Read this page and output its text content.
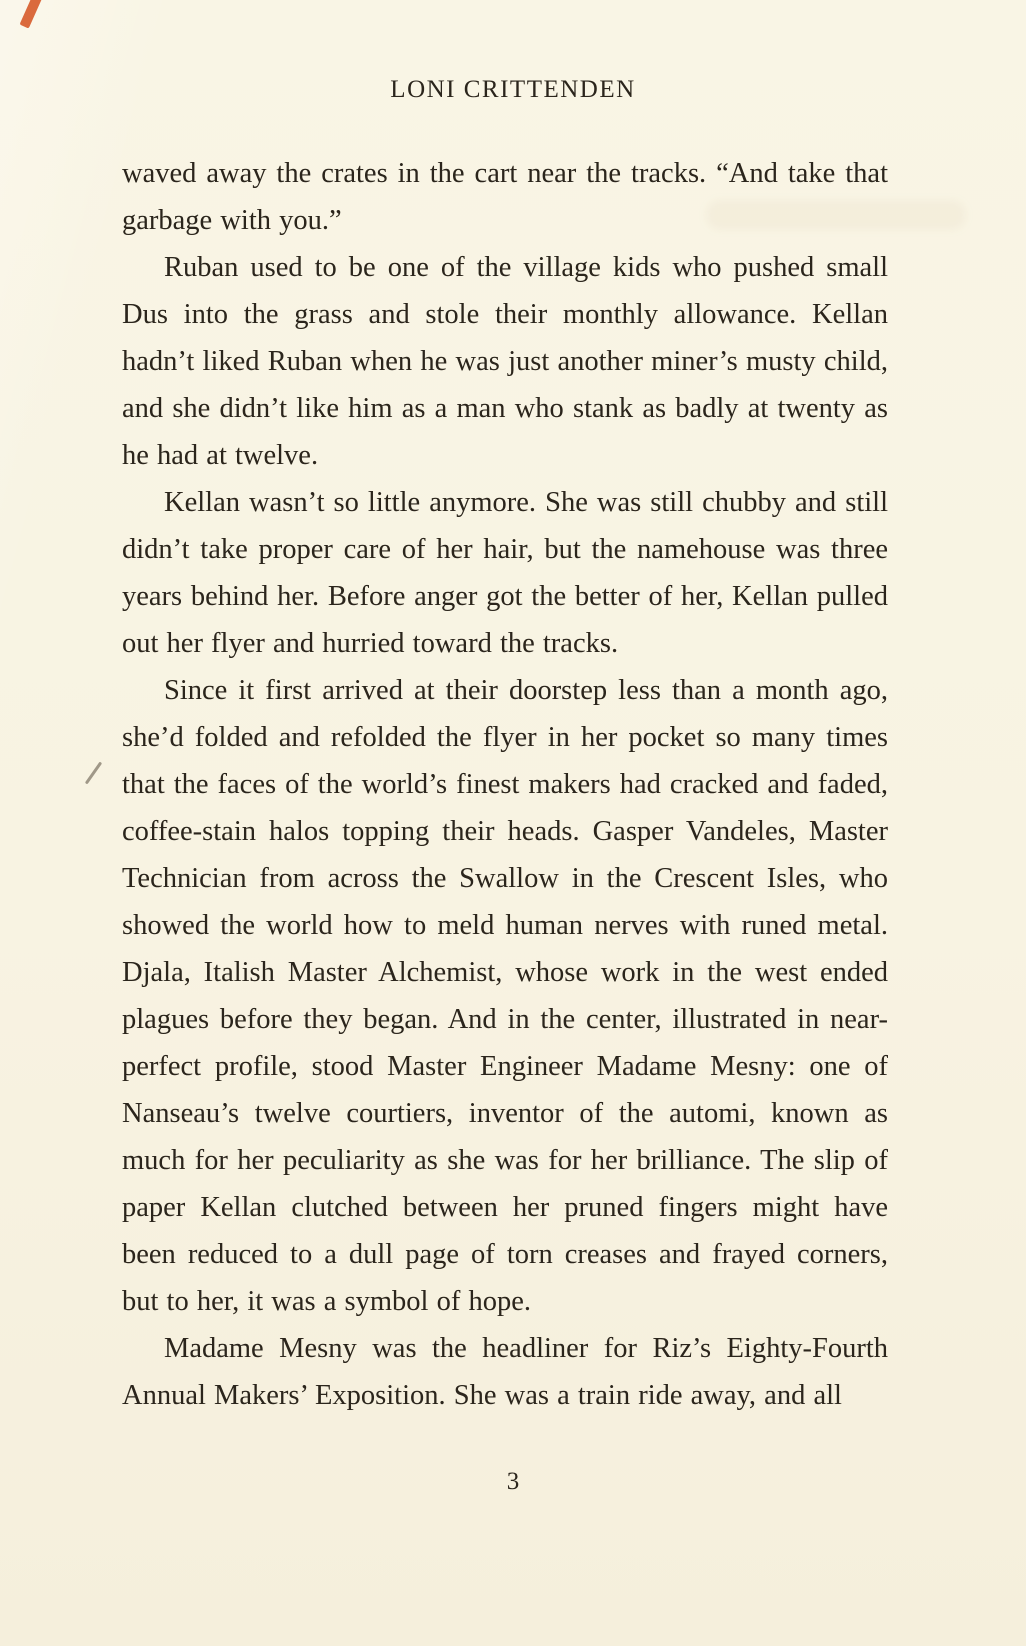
LONI CRITTENDEN

waved away the crates in the cart near the tracks. “And take that garbage with you.”

Ruban used to be one of the village kids who pushed small Dus into the grass and stole their monthly allowance. Kellan hadn’t liked Ruban when he was just another miner’s musty child, and she didn’t like him as a man who stank as badly at twenty as he had at twelve.

Kellan wasn’t so little anymore. She was still chubby and still didn’t take proper care of her hair, but the namehouse was three years behind her. Before anger got the better of her, Kellan pulled out her flyer and hurried toward the tracks.

Since it first arrived at their doorstep less than a month ago, she’d folded and refolded the flyer in her pocket so many times that the faces of the world’s finest makers had cracked and faded, coffee-stain halos topping their heads. Gasper Vandeles, Master Technician from across the Swallow in the Crescent Isles, who showed the world how to meld human nerves with runed metal. Djala, Italish Master Alchemist, whose work in the west ended plagues before they began. And in the center, illustrated in near-perfect profile, stood Master Engineer Madame Mesny: one of Nanseau’s twelve courtiers, inventor of the automi, known as much for her peculiarity as she was for her brilliance. The slip of paper Kellan clutched between her pruned fingers might have been reduced to a dull page of torn creases and frayed corners, but to her, it was a symbol of hope.

Madame Mesny was the headliner for Riz’s Eighty-Fourth Annual Makers’ Exposition. She was a train ride away, and all

3
